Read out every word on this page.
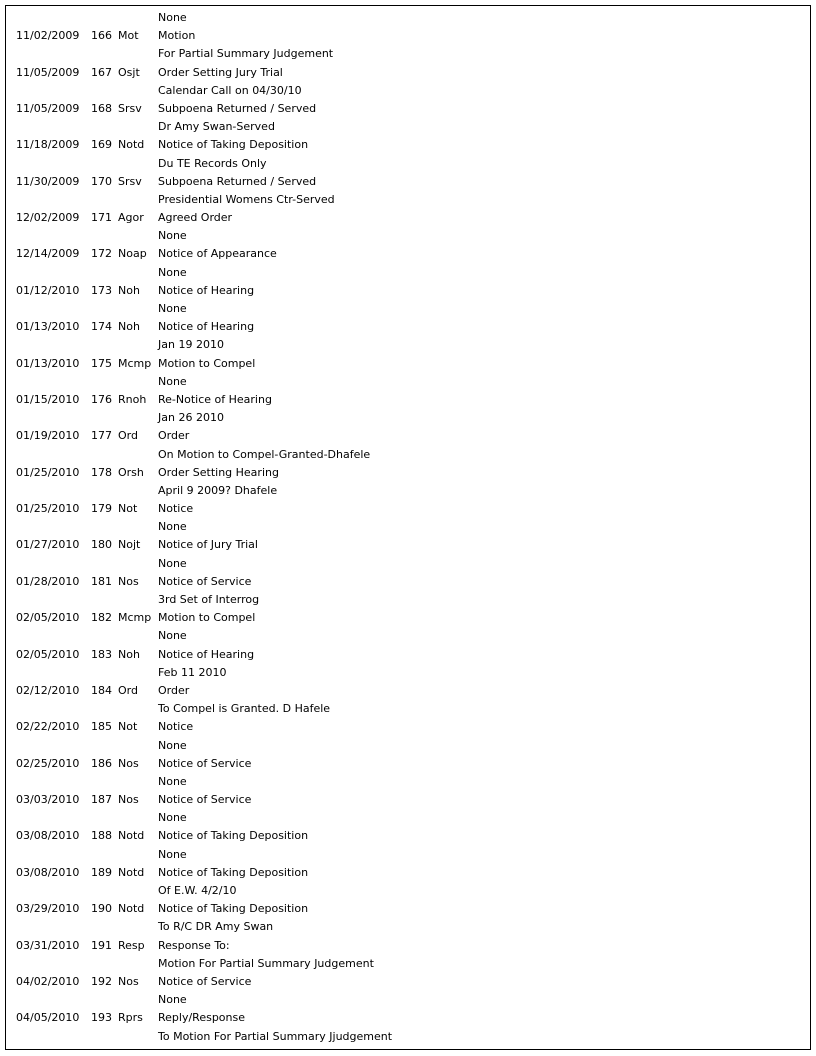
None
11/02/2009 166 Mot Motion
For Partial Summary Judgement
11/05/2009 167 Osjt Order Setting Jury Trial
Calendar Call on 04/30/10
11/05/2009 168 Srsv Subpoena Returned / Served
Dr Amy Swan-Served
11/18/2009 169 Notd Notice of Taking Deposition
Du TE Records Only
11/30/2009 170 Srsv Subpoena Returned / Served
Presidential Womens Ctr-Served
12/02/2009 171 Agor Agreed Order
None
12/14/2009 172 Noap Notice of Appearance
None
01/12/2010 173 Noh Notice of Hearing
None
01/13/2010 174 Noh Notice of Hearing
Jan 19 2010
01/13/2010 175 Mcmp Motion to Compel
None
01/15/2010 176 Rnoh Re-Notice of Hearing
Jan 26 2010
01/19/2010 177 Ord Order
On Motion to Compel-Granted-Dhafele
01/25/2010 178 Orsh Order Setting Hearing
April 9 2009? Dhafele
01/25/2010 179 Not Notice
None
01/27/2010 180 Nojt Notice of Jury Trial
None
01/28/2010 181 Nos Notice of Service
3rd Set of Interrog
02/05/2010 182 Mcmp Motion to Compel
None
02/05/2010 183 Noh Notice of Hearing
Feb 11 2010
02/12/2010 184 Ord Order
To Compel is Granted. D Hafele
02/22/2010 185 Not Notice
None
02/25/2010 186 Nos Notice of Service
None
03/03/2010 187 Nos Notice of Service
None
03/08/2010 188 Notd Notice of Taking Deposition
None
03/08/2010 189 Notd Notice of Taking Deposition
Of E.W. 4/2/10
03/29/2010 190 Notd Notice of Taking Deposition
To R/C DR Amy Swan
03/31/2010 191 Resp Response To:
Motion For Partial Summary Judgement
04/02/2010 192 Nos Notice of Service
None
04/05/2010 193 Rprs Reply/Response
To Motion For Partial Summary Jjudgement
